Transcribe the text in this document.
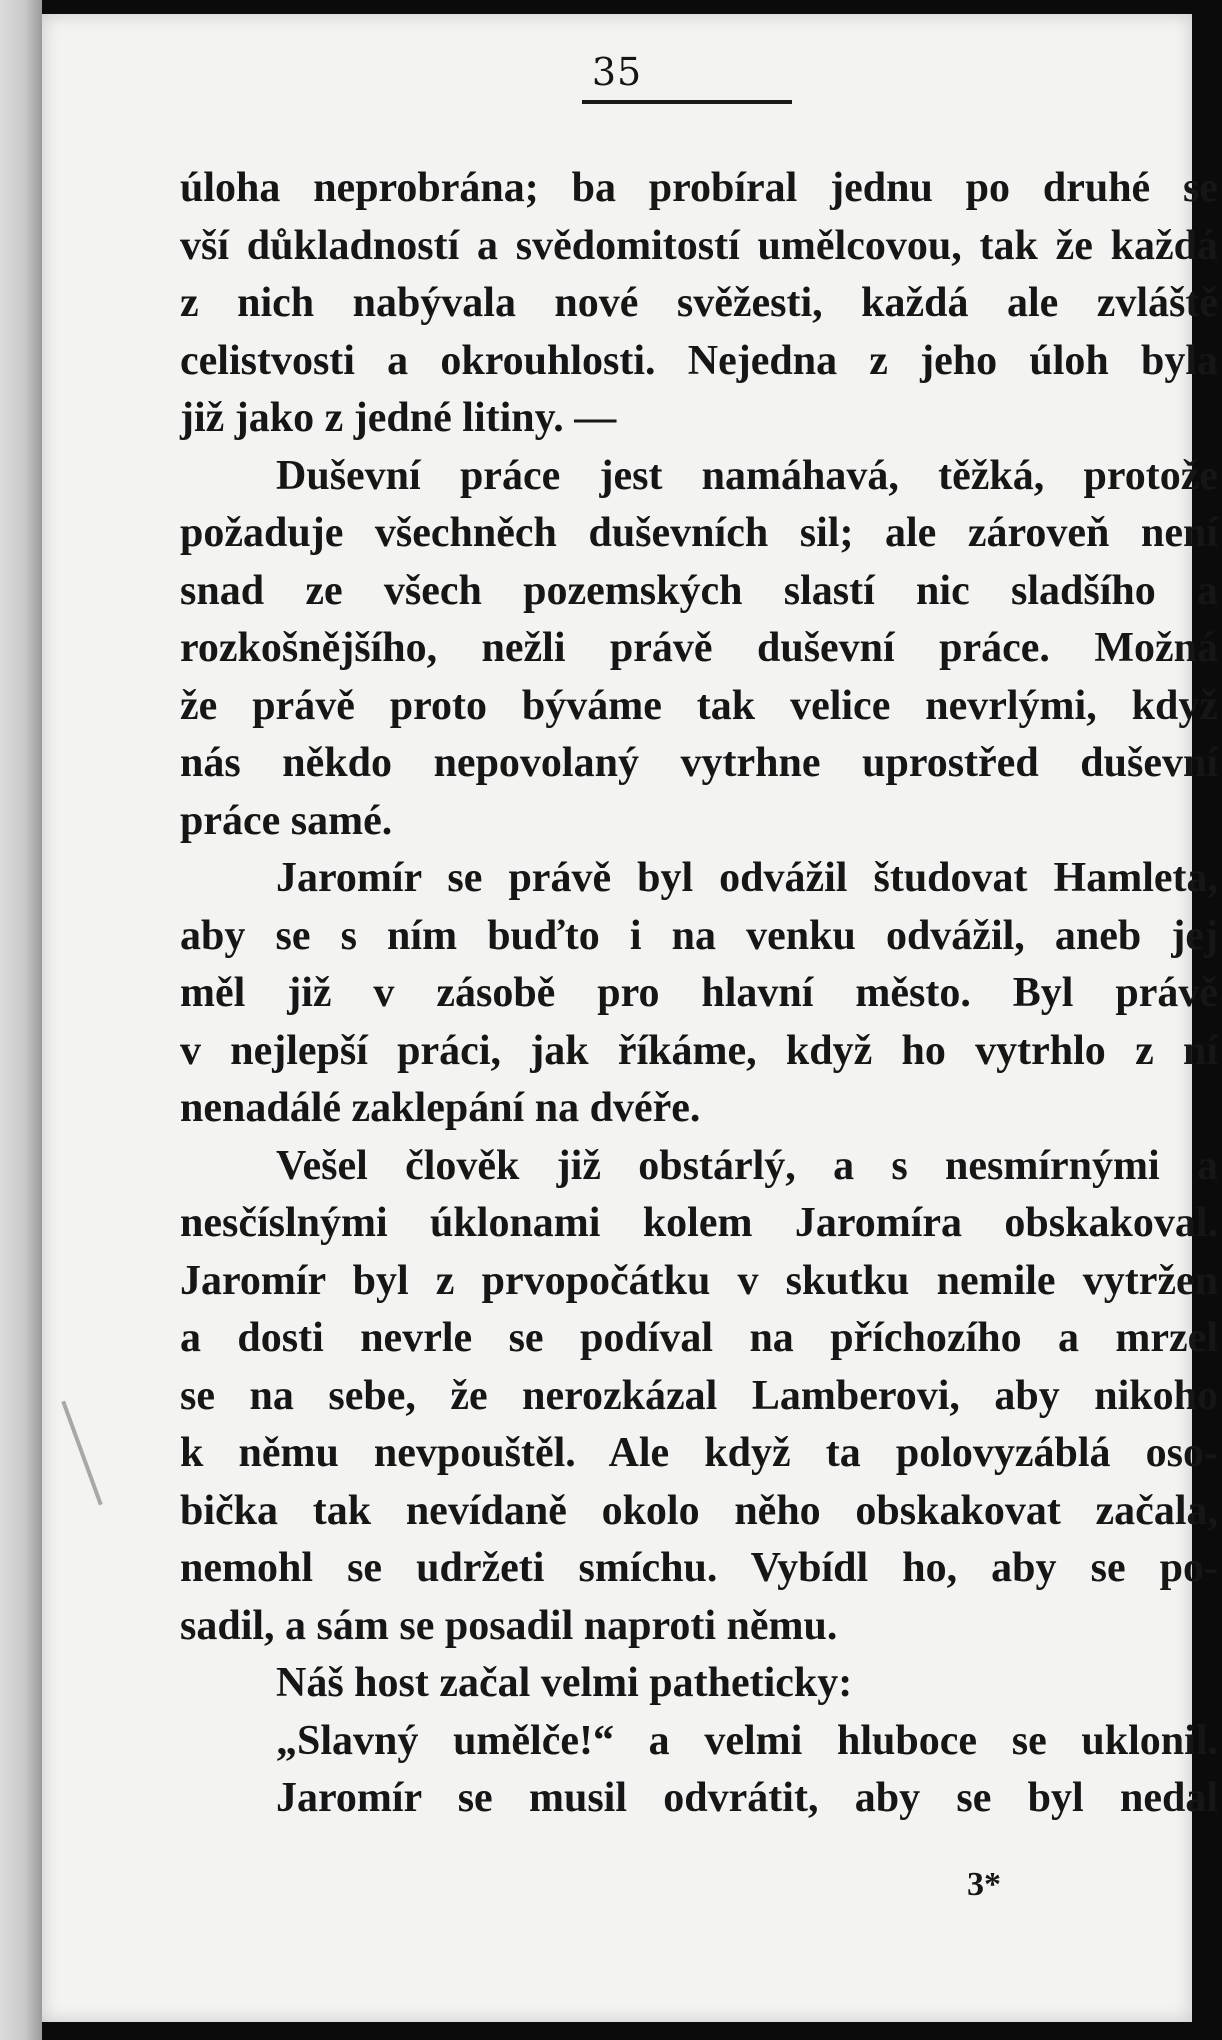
35

úloha neprobrána; ba probíral jednu po druhé se
vší důkladností a svědomitostí umělcovou, tak že každá
z nich nabývala nové svěžesti, každá ale zvláště
celistvosti a okrouhlosti. Nejedna z jeho úloh byla
již jako z jedné litiny. —

Duševní práce jest namáhavá, těžká, protože
požaduje všechněch duševních sil; ale zároveň není
snad ze všech pozemských slastí nic sladšího a
rozkošnějšího, nežli právě duševní práce. Možná
že právě proto býváme tak velice nevrlými, když
nás někdo nepovolaný vytrhne uprostřed duševní
práce samé.

Jaromír se právě byl odvážil študovat Hamleta,
aby se s ním buďto i na venku odvážil, aneb jej
měl již v zásobě pro hlavní město. Byl právě
v nejlepší práci, jak říkáme, když ho vytrhlo z ní
nenadálé zaklepání na dvéře.

Vešel člověk již obstárlý, a s nesmírnými a
nesčíslnými úklonami kolem Jaromíra obskakoval.
Jaromír byl z prvopočátku v skutku nemile vytržen
a dosti nevrle se podíval na příchozího a mrzel
se na sebe, že nerozkázal Lamberovi, aby nikoho
k němu nevpouštěl. Ale když ta polovyzáblá oso-
bička tak nevídaně okolo něho obskakovat začala,
nemohl se udržeti smíchu. Vybídl ho, aby se po-
sadil, a sám se posadil naproti němu.

Náš host začal velmi patheticky:

„Slavný umělče!“ a velmi hluboce se uklonil.

Jaromír se musil odvrátit, aby se byl nedal

3*
